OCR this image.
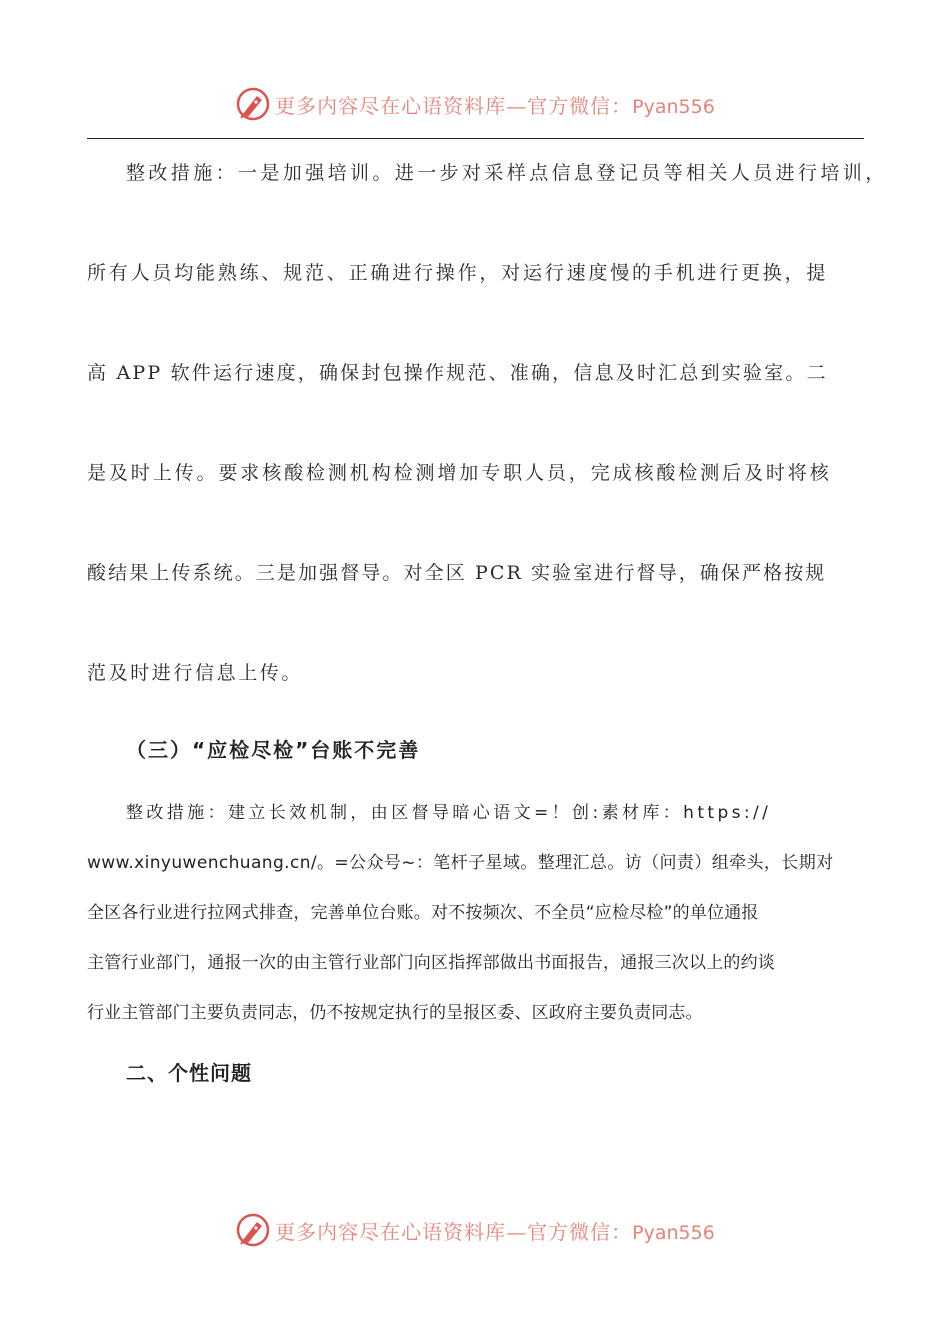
更多内容尽在心语资料库—官方微信：Pyan556
整改措施：一是加强培训。进一步对采样点信息登记员等相关人员进行培训，
所有人员均能熟练、规范、正确进行操作，对运行速度慢的手机进行更换，提
高 APP 软件运行速度，确保封包操作规范、准确，信息及时汇总到实验室。二
是及时上传。要求核酸检测机构检测增加专职人员，完成核酸检测后及时将核
酸结果上传系统。三是加强督导。对全区 PCR 实验室进行督导，确保严格按规
范及时进行信息上传。
（三）“应检尽检”台账不完善
整改措施：建立长效机制，由区督导暗心语文=！创:素材库：https://
www.xinyuwenchuang.cn/。=公众号~：笔杆子星域。整理汇总。访（问责）组牵头，长期对
全区各行业进行拉网式排查，完善单位台账。对不按频次、不全员“应检尽检”的单位通报
主管行业部门，通报一次的由主管行业部门向区指挥部做出书面报告，通报三次以上的约谈
行业主管部门主要负责同志，仍不按规定执行的呈报区委、区政府主要负责同志。
二、个性问题
更多内容尽在心语资料库—官方微信：Pyan556
